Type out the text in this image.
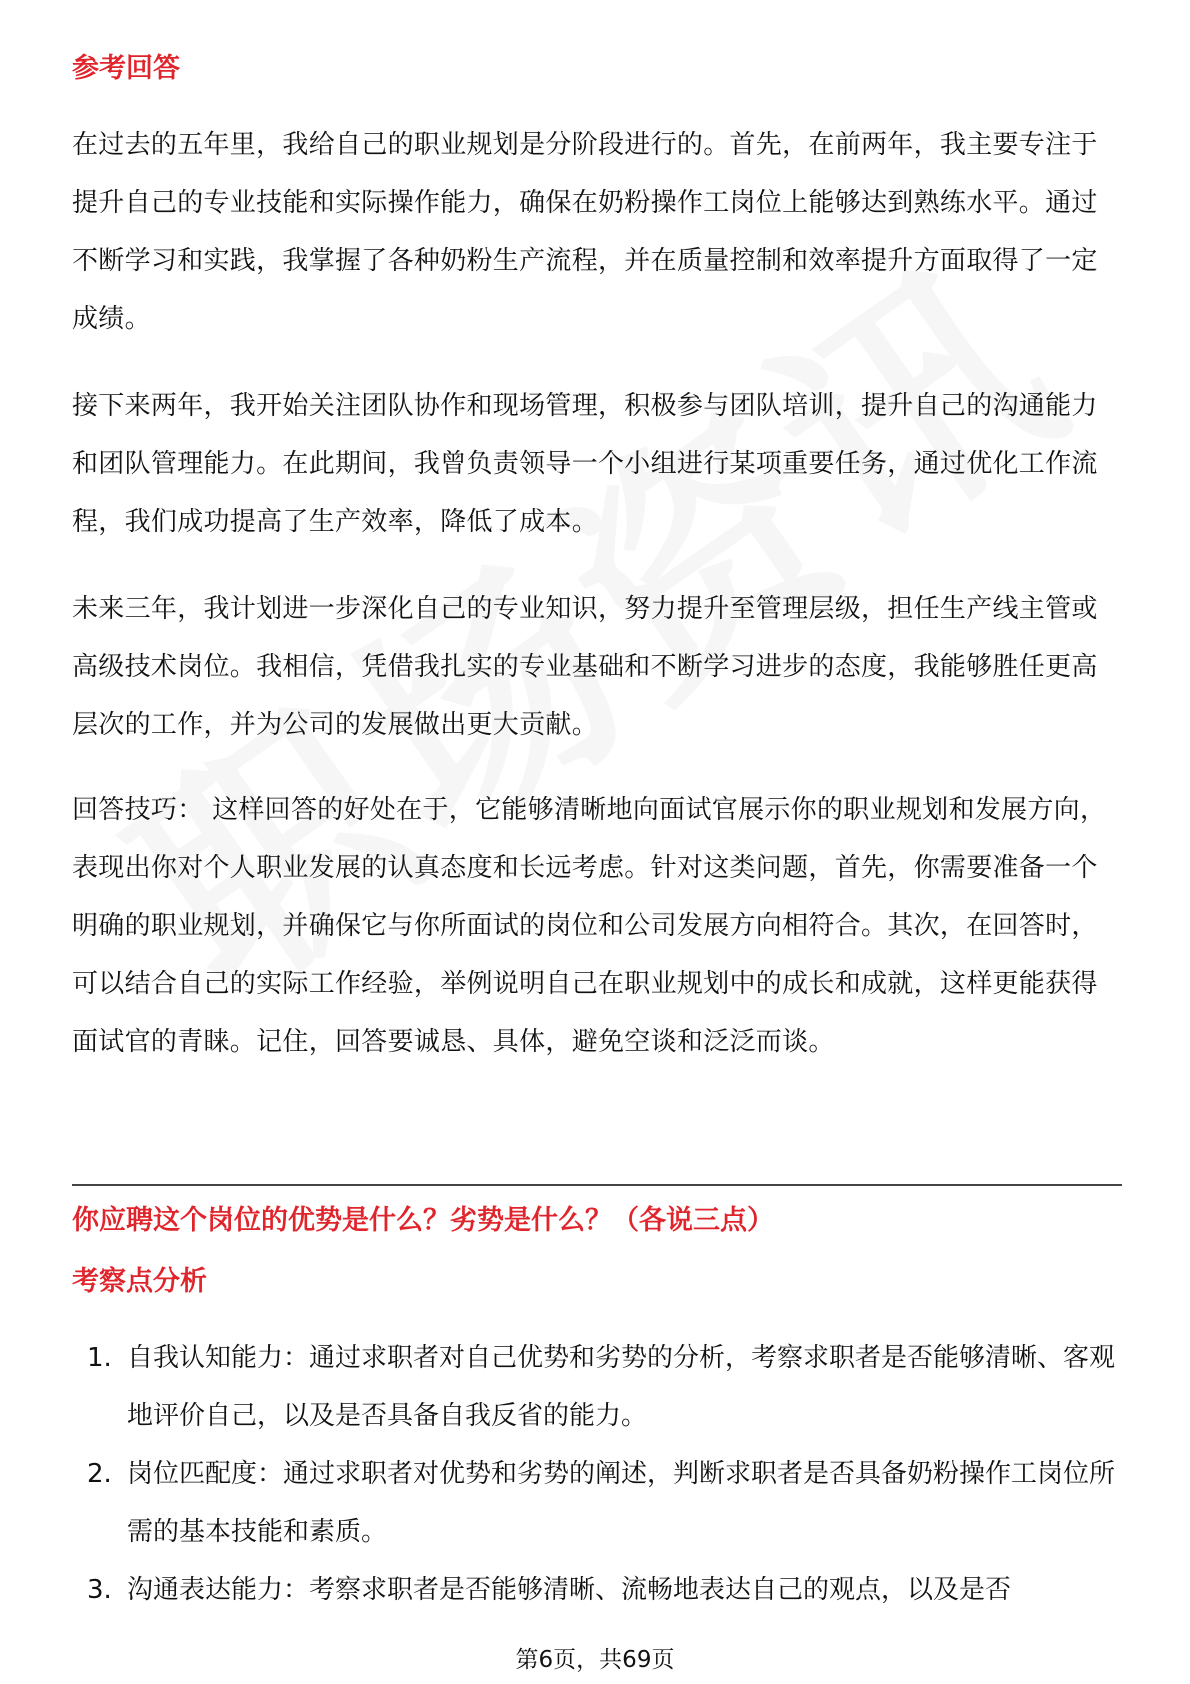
参考回答
在过去的五年里，我给自己的职业规划是分阶段进行的。首先，在前两年，我主要专注于提升自己的专业技能和实际操作能力，确保在奶粉操作工岗位上能够达到熟练水平。通过不断学习和实践，我掌握了各种奶粉生产流程，并在质量控制和效率提升方面取得了一定成绩。
接下来两年，我开始关注团队协作和现场管理，积极参与团队培训，提升自己的沟通能力和团队管理能力。在此期间，我曾负责领导一个小组进行某项重要任务，通过优化工作流程，我们成功提高了生产效率，降低了成本。
未来三年，我计划进一步深化自己的专业知识，努力提升至管理层级，担任生产线主管或高级技术岗位。我相信，凭借我扎实的专业基础和不断学习进步的态度，我能够胜任更高层次的工作，并为公司的发展做出更大贡献。
回答技巧： 这样回答的好处在于，它能够清晰地向面试官展示你的职业规划和发展方向，表现出你对个人职业发展的认真态度和长远考虑。针对这类问题，首先，你需要准备一个明确的职业规划，并确保它与你所面试的岗位和公司发展方向相符合。其次，在回答时，可以结合自己的实际工作经验，举例说明自己在职业规划中的成长和成就，这样更能获得面试官的青睐。记住，回答要诚恳、具体，避免空谈和泛泛而谈。
你应聘这个岗位的优势是什么？劣势是什么？（各说三点）
考察点分析
1. 自我认知能力：通过求职者对自己优势和劣势的分析，考察求职者是否能够清晰、客观地评价自己，以及是否具备自我反省的能力。
2. 岗位匹配度：通过求职者对优势和劣势的阐述，判断求职者是否具备奶粉操作工岗位所需的基本技能和素质。
3. 沟通表达能力：考察求职者是否能够清晰、流畅地表达自己的观点，以及是否
第6页，共69页
